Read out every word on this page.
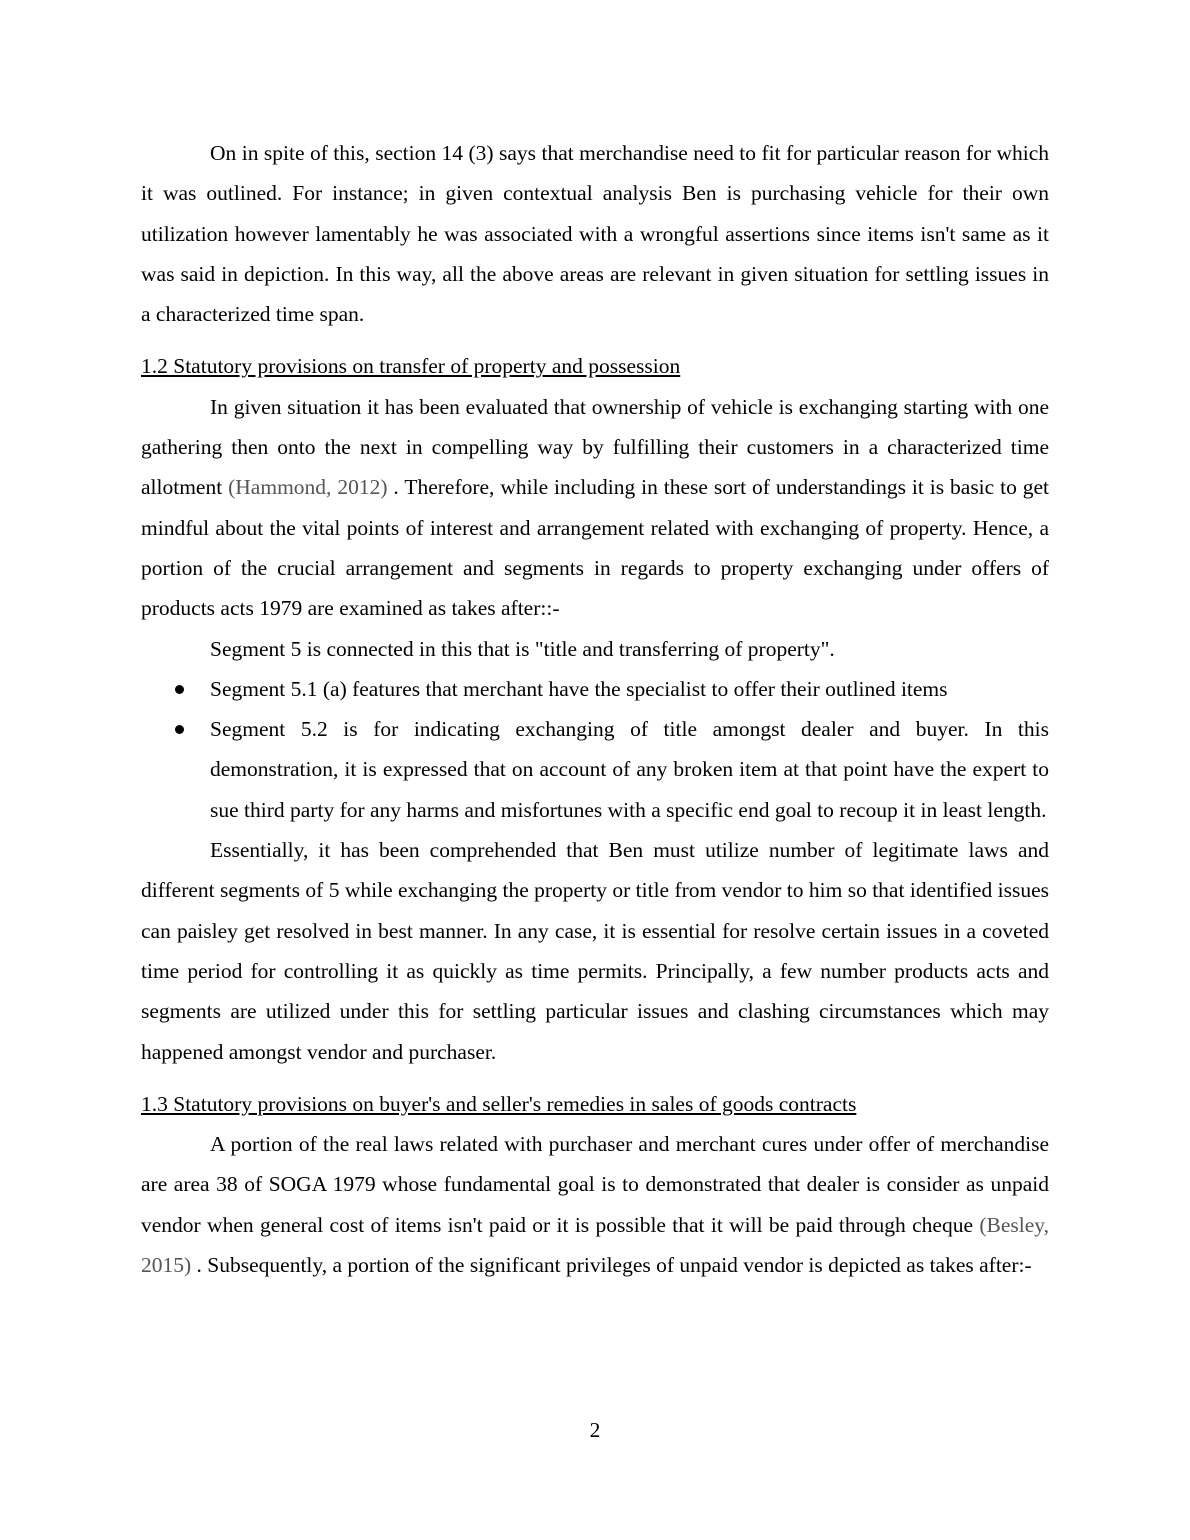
On in spite of this, section 14 (3) says that merchandise need to fit for particular reason for which it was outlined. For instance; in given contextual analysis Ben is purchasing vehicle for their own utilization however lamentably he was associated with a wrongful assertions since items isn't same as it was said in depiction. In this way, all the above areas are relevant in given situation for settling issues in a characterized time span.

1.2 Statutory provisions on transfer of property and possession

In given situation it has been evaluated that ownership of vehicle is exchanging starting with one gathering then onto the next in compelling way by fulfilling their customers in a characterized time allotment (Hammond, 2012) . Therefore, while including in these sort of understandings it is basic to get mindful about the vital points of interest and arrangement related with exchanging of property. Hence, a portion of the crucial arrangement and segments in regards to property exchanging under offers of products acts 1979 are examined as takes after::-

Segment 5 is connected in this that is "title and transferring of property".

Segment 5.1 (a) features that merchant have the specialist to offer their outlined items
Segment 5.2 is for indicating exchanging of title amongst dealer and buyer. In this demonstration, it is expressed that on account of any broken item at that point have the expert to sue third party for any harms and misfortunes with a specific end goal to recoup it in least length.

Essentially, it has been comprehended that Ben must utilize number of legitimate laws and different segments of 5 while exchanging the property or title from vendor to him so that identified issues can paisley get resolved in best manner. In any case, it is essential for resolve certain issues in a coveted time period for controlling it as quickly as time permits. Principally, a few number products acts and segments are utilized under this for settling particular issues and clashing circumstances which may happened amongst vendor and purchaser.

1.3 Statutory provisions on buyer's and seller's remedies in sales of goods contracts

A portion of the real laws related with purchaser and merchant cures under offer of merchandise are area 38 of SOGA 1979 whose fundamental goal is to demonstrated that dealer is consider as unpaid vendor when general cost of items isn't paid or it is possible that it will be paid through cheque (Besley, 2015) . Subsequently, a portion of the significant privileges of unpaid vendor is depicted as takes after:-

2
